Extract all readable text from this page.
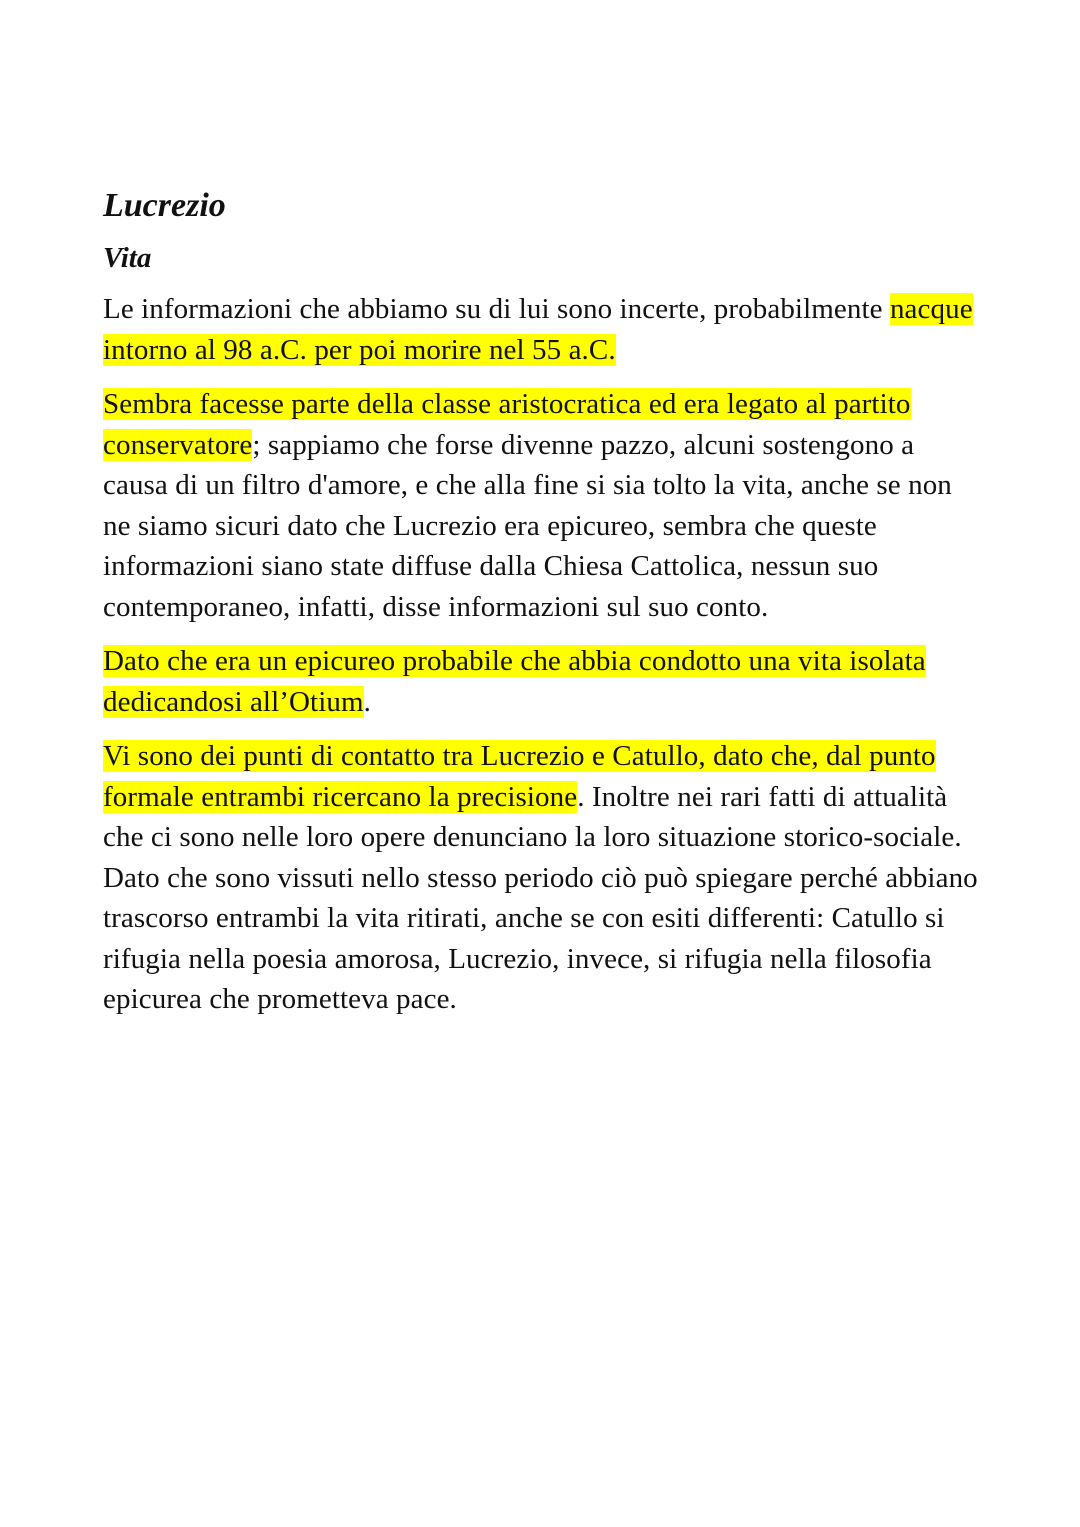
Lucrezio
Vita

Le informazioni che abbiamo su di lui sono incerte, probabilmente nacque intorno al 98 a.C. per poi morire nel 55 a.C.

Sembra facesse parte della classe aristocratica ed era legato al partito conservatore; sappiamo che forse divenne pazzo, alcuni sostengono a causa di un filtro d'amore, e che alla fine si sia tolto la vita, anche se non ne siamo sicuri dato che Lucrezio era epicureo, sembra che queste informazioni siano state diffuse dalla Chiesa Cattolica, nessun suo contemporaneo, infatti, disse informazioni sul suo conto.

Dato che era un epicureo probabile che abbia condotto una vita isolata dedicandosi all’Otium.

Vi sono dei punti di contatto tra Lucrezio e Catullo, dato che, dal punto formale entrambi ricercano la precisione. Inoltre nei rari fatti di attualità che ci sono nelle loro opere denunciano la loro situazione storico-sociale. Dato che sono vissuti nello stesso periodo ciò può spiegare perché abbiano trascorso entrambi la vita ritirati, anche se con esiti differenti: Catullo si rifugia nella poesia amorosa, Lucrezio, invece, si rifugia nella filosofia epicurea che prometteva pace.
